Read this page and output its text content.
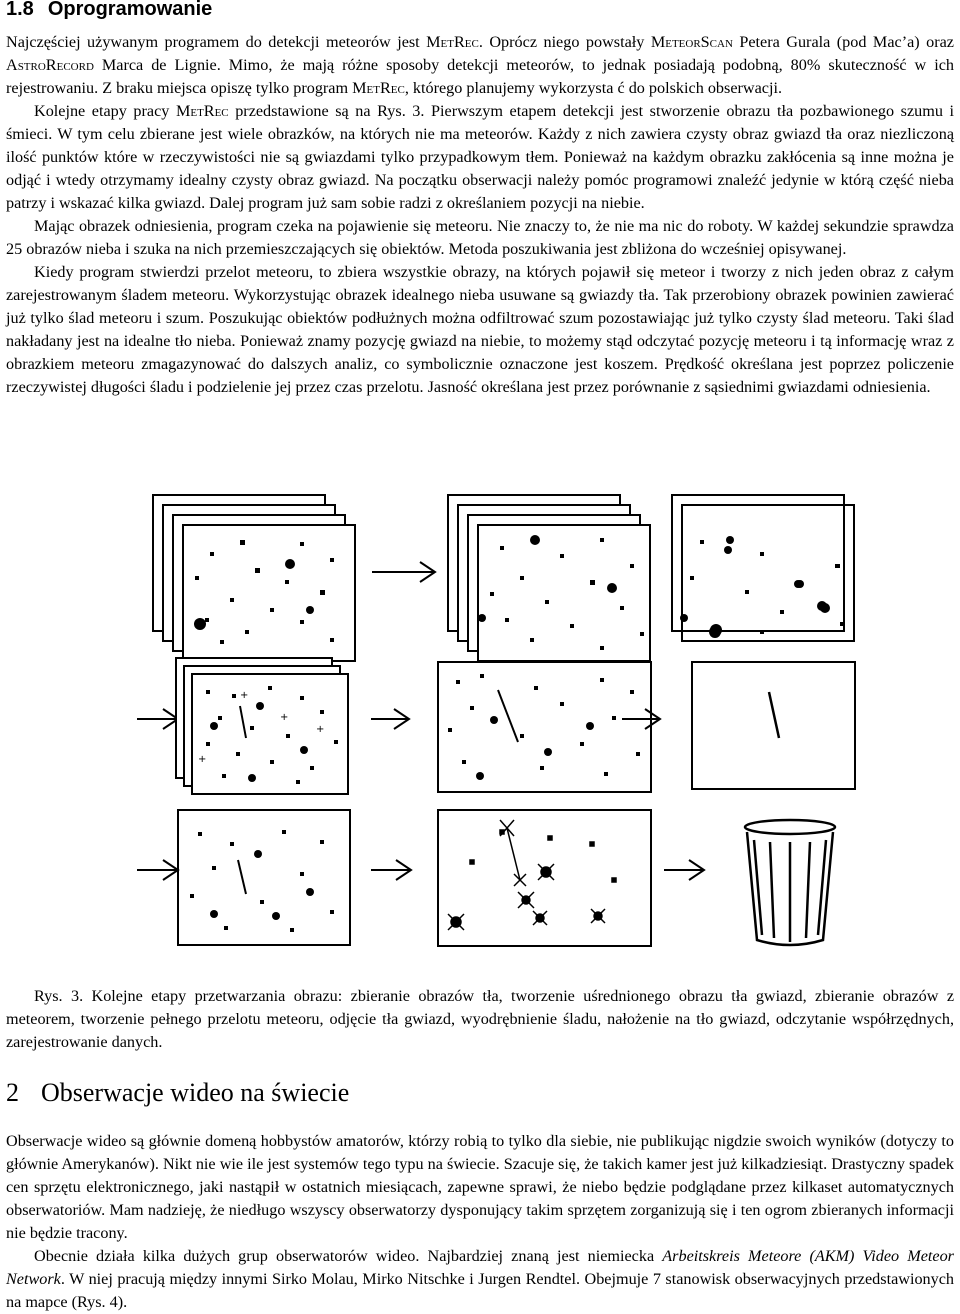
1.8 Oprogramowanie

Najczęściej używanym programem do detekcji meteorów jest MetRec. Oprócz niego powstały MeteorScan Petera Gurala (pod Mac’a) oraz AstroRecord Marca de Lignie. Mimo, że mają różne sposoby detekcji meteorów, to jednak posiadają podobną, 80% skuteczność w ich rejestrowaniu. Z braku miejsca opiszę tylko program MetRec, którego planujemy wykorzysta ć do polskich obserwacji.

Kolejne etapy pracy MetRec przedstawione są na Rys. 3. Pierwszym etapem detekcji jest stworzenie obrazu tła pozbawionego szumu i śmieci. W tym celu zbierane jest wiele obrazków, na których nie ma meteorów. Każdy z nich zawiera czysty obraz gwiazd tła oraz niezliczoną ilość punktów które w rzeczywistości nie są gwiazdami tylko przypadkowym tłem. Ponieważ na każdym obrazku zakłócenia są inne można je odjąć i wtedy otrzymamy idealny czysty obraz gwiazd. Na początku obserwacji należy pomóc programowi znaleźć jedynie w którą część nieba patrzy i wskazać kilka gwiazd. Dalej program już sam sobie radzi z określaniem pozycji na niebie.

Mając obrazek odniesienia, program czeka na pojawienie się meteoru. Nie znaczy to, że nie ma nic do roboty. W każdej sekundzie sprawdza 25 obrazów nieba i szuka na nich przemieszczających się obiektów. Metoda poszukiwania jest zbliżona do wcześniej opisywanej.

Kiedy program stwierdzi przelot meteoru, to zbiera wszystkie obrazy, na których pojawił się meteor i tworzy z nich jeden obraz z całym zarejestrowanym śladem meteoru. Wykorzystując obrazek idealnego nieba usuwane są gwiazdy tła. Tak przerobiony obrazek powinien zawierać już tylko ślad meteoru i szum. Poszukując obiektów podłużnych można odfiltrować szum pozostawiając już tylko czysty ślad meteoru. Taki ślad nakładany jest na idealne tło nieba. Ponieważ znamy pozycję gwiazd na niebie, to możemy stąd odczytać pozycję meteoru i tą informację wraz z obrazkiem meteoru zmagazynować do dalszych analiz, co symbolicznie oznaczone jest koszem. Prędkość określana jest poprzez policzenie rzeczywistej długości śladu i podzielenie jej przez czas przelotu. Jasność określana jest przez porównanie z sąsiednimi gwiazdami odniesienia.

+
+
+
+
Rys. 3. Kolejne etapy przetwarzania obrazu: zbieranie obrazów tła, tworzenie uśrednionego obrazu tła gwiazd, zbieranie obrazów z meteorem, tworzenie pełnego przelotu meteoru, odjęcie tła gwiazd, wyodrębnienie śladu, nałożenie na tło gwiazd, odczytanie współrzędnych, zarejestrowanie danych.
2 Obserwacje wideo na świecie

Obserwacje wideo są głównie domeną hobbystów amatorów, którzy robią to tylko dla siebie, nie publikując nigdzie swoich wyników (dotyczy to głównie Amerykanów). Nikt nie wie ile jest systemów tego typu na świecie. Szacuje się, że takich kamer jest już kilkadziesiąt. Drastyczny spadek cen sprzętu elektronicznego, jaki nastąpił w ostatnich miesiącach, zapewne sprawi, że niebo będzie podglądane przez kilkaset automatycznych obserwatoriów. Mam nadzieję, że niedługo wszyscy obserwatorzy dysponujący takim sprzętem zorganizują się i ten ogrom zbieranych informacji nie będzie tracony.

Obecnie działa kilka dużych grup obserwatorów wideo. Najbardziej znaną jest niemiecka Arbeitskreis Meteore (AKM) Video Meteor Network. W niej pracują między innymi Sirko Molau, Mirko Nitschke i Jurgen Rendtel. Obejmuje 7 stanowisk obserwacyjnych przedstawionych na mapce (Rys. 4).
